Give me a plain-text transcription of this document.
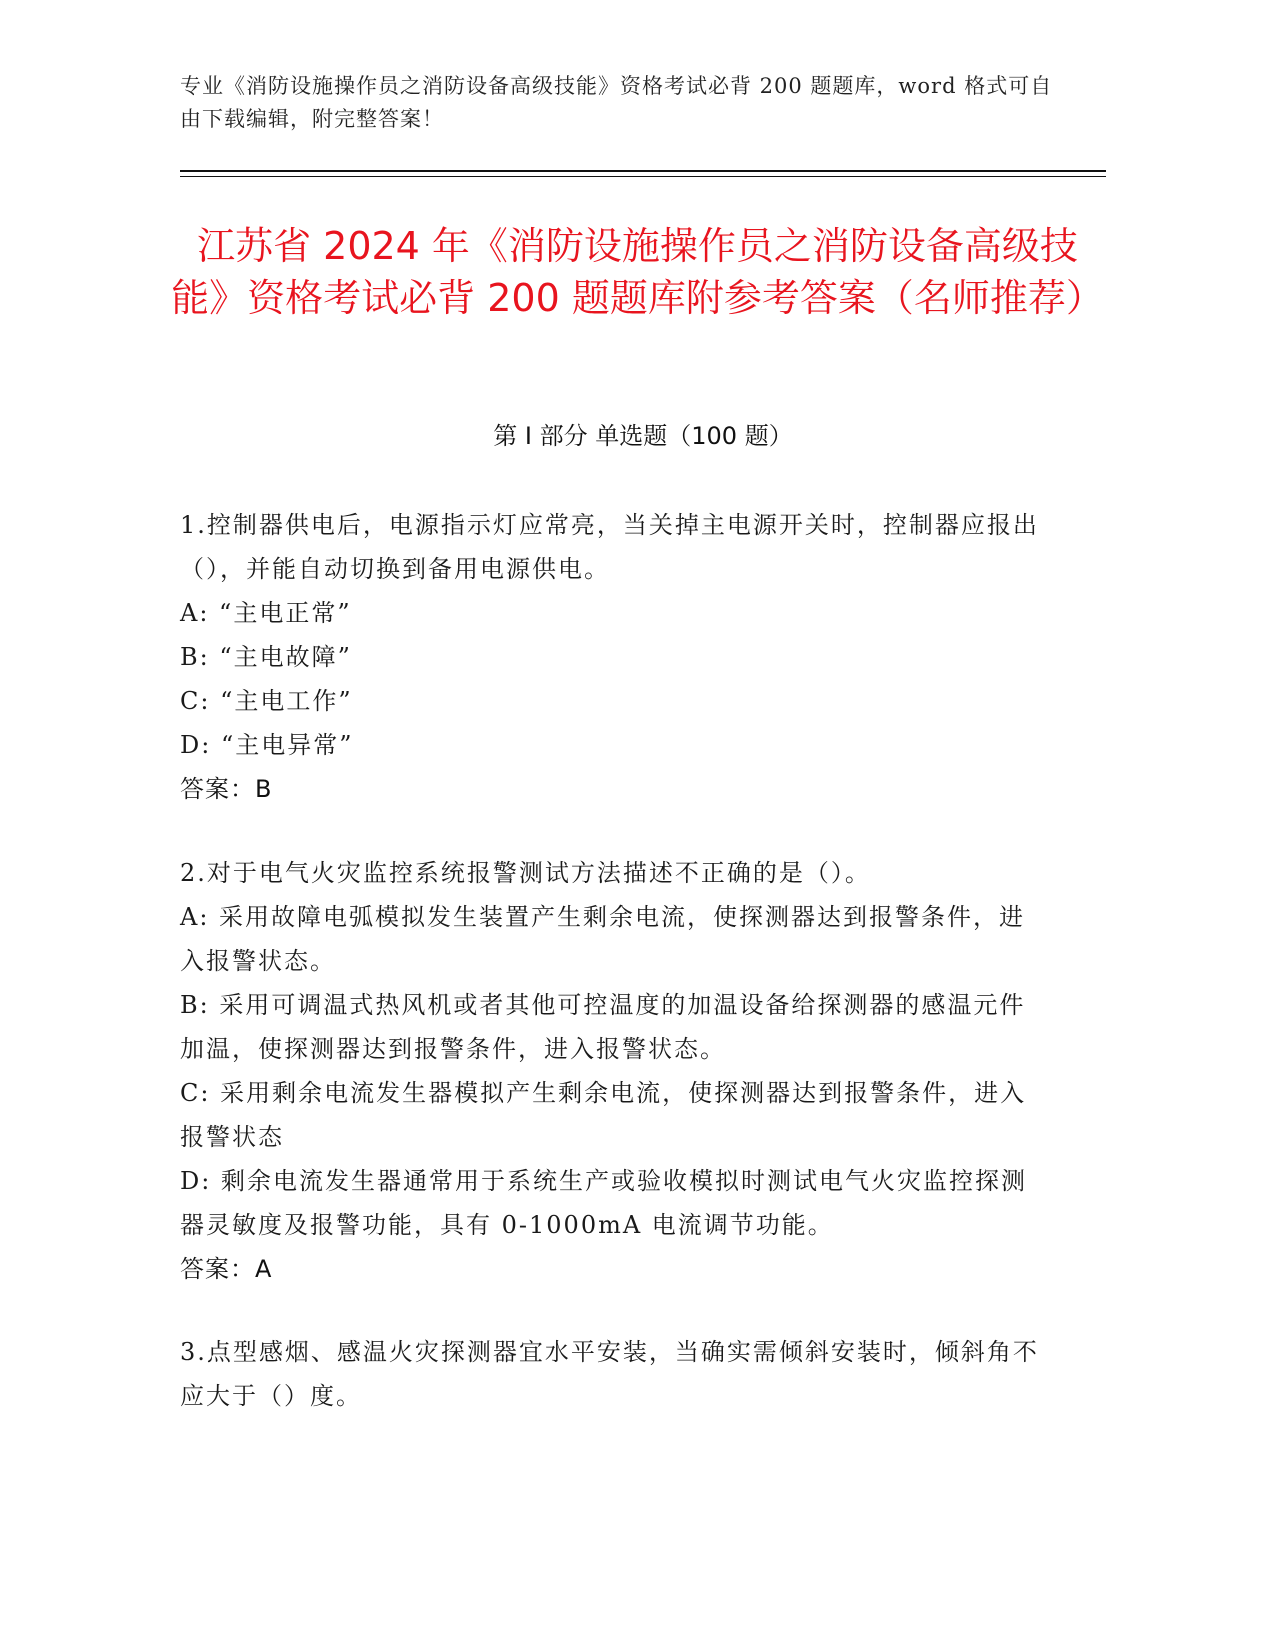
专业《消防设施操作员之消防设备高级技能》资格考试必背 200 题题库，word 格式可自由下载编辑，附完整答案！
江苏省 2024 年《消防设施操作员之消防设备高级技能》资格考试必背 200 题题库附参考答案（名师推荐）
第 I 部分 单选题（100 题）
1.控制器供电后，电源指示灯应常亮，当关掉主电源开关时，控制器应报出（），并能自动切换到备用电源供电。
A: “主电正常”
B: “主电故障”
C: “主电工作”
D: “主电异常”
答案：B
2.对于电气火灾监控系统报警测试方法描述不正确的是（）。
A: 采用故障电弧模拟发生装置产生剩余电流，使探测器达到报警条件，进入报警状态。
B: 采用可调温式热风机或者其他可控温度的加温设备给探测器的感温元件加温，使探测器达到报警条件，进入报警状态。
C: 采用剩余电流发生器模拟产生剩余电流，使探测器达到报警条件，进入报警状态
D: 剩余电流发生器通常用于系统生产或验收模拟时测试电气火灾监控探测器灵敏度及报警功能，具有 0-1000mA 电流调节功能。
答案：A
3.点型感烟、感温火灾探测器宜水平安装，当确实需倾斜安装时，倾斜角不应大于（）度。
